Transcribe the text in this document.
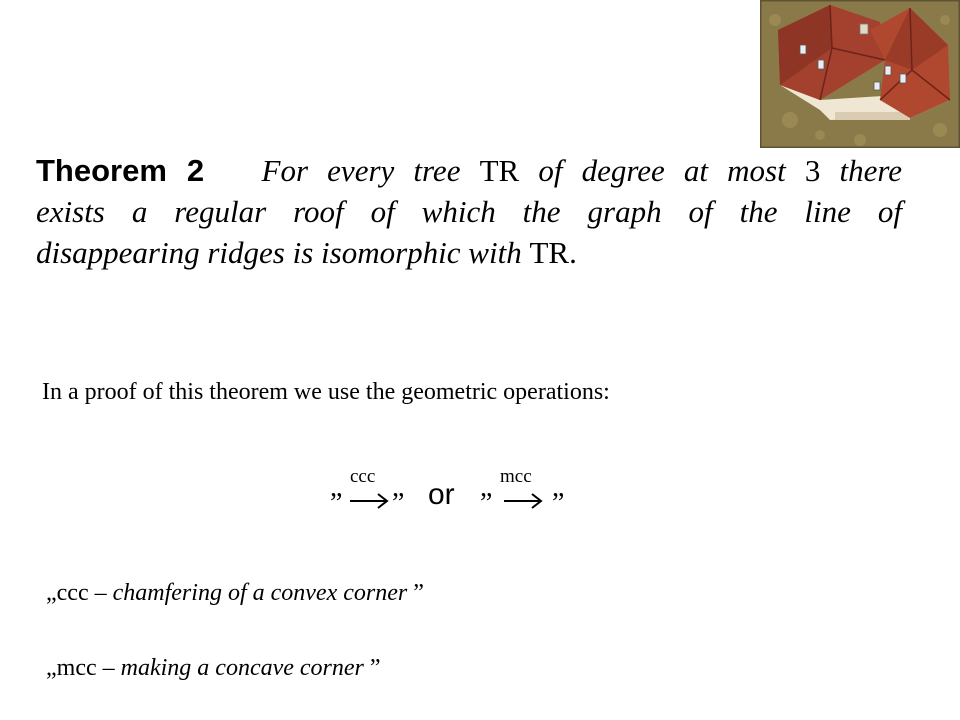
Theorem 2 For every tree TR of degree at most 3 there
exists a regular roof of which the graph of the line of
disappearing ridges is isomorphic with TR.
In a proof of this theorem we use the geometric operations:
„ ccc „ or „ mcc „
„ccc – chamfering of a convex corner ”
„mcc – making a concave corner ”
